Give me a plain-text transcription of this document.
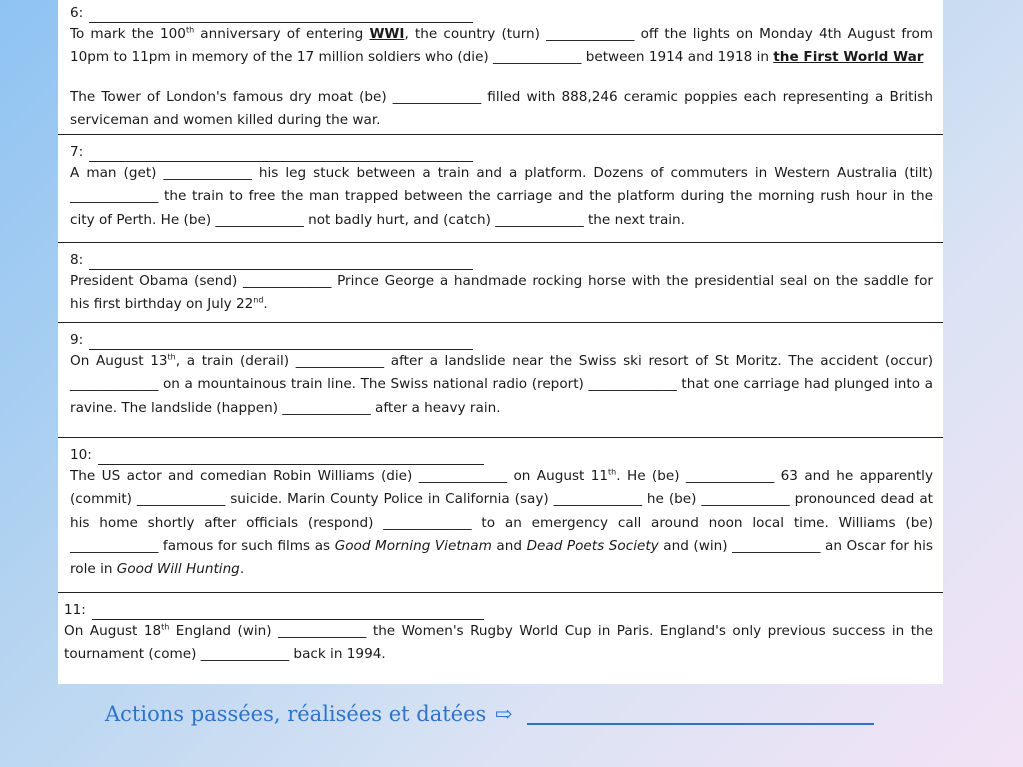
6:

To mark the 100th anniversary of entering WWI, the country (turn) _____________ off the lights on Monday 4th August from 10pm to 11pm in memory of the 17 million soldiers who (die) _____________ between 1914 and 1918 in the First World War

The Tower of London's famous dry moat (be) _____________ filled with 888,246 ceramic poppies each representing a British serviceman and women killed during the war.

7:

A man (get) _____________ his leg stuck between a train and a platform. Dozens of commuters in Western Australia (tilt) _____________ the train to free the man trapped between the carriage and the platform during the morning rush hour in the city of Perth. He (be) _____________ not badly hurt, and (catch) _____________ the next train.

8:

President Obama (send) _____________ Prince George a handmade rocking horse with the presidential seal on the saddle for his first birthday on July 22nd.

9:

On August 13th, a train (derail) _____________ after a landslide near the Swiss ski resort of St Moritz. The accident (occur) _____________ on a mountainous train line. The Swiss national radio (report) _____________ that one carriage had plunged into a ravine. The landslide (happen) _____________ after a heavy rain.

10:

The US actor and comedian Robin Williams (die) _____________ on August 11th. He (be) _____________ 63 and he apparently (commit) _____________ suicide. Marin County Police in California (say) _____________ he (be) _____________ pronounced dead at his home shortly after officials (respond) _____________ to an emergency call around noon local time. Williams (be) _____________ famous for such films as Good Morning Vietnam and Dead Poets Society and (win) _____________ an Oscar for his role in Good Will Hunting.

11:

On August 18th England (win) _____________ the Women's Rugby World Cup in Paris. England's only previous success in the tournament (come) _____________ back in 1994.

Actions passées, réalisées et datées ⇨
